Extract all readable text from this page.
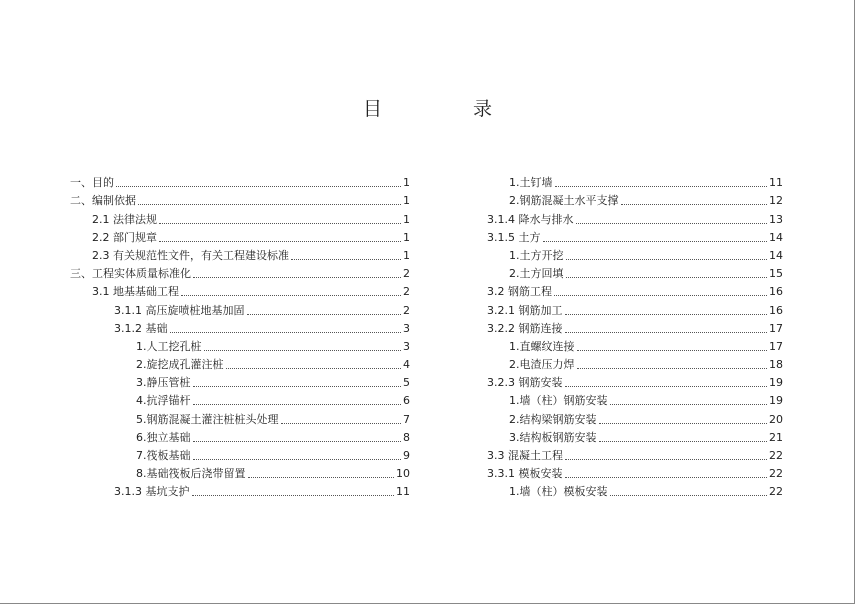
目　录
一、目的	1
二、编制依据	1
2.1 法律法规	1
2.2 部门规章	1
2.3 有关规范性文件，有关工程建设标准	1
三、工程实体质量标准化	2
3.1 地基基础工程	2
3.1.1 高压旋喷桩地基加固	2
3.1.2 基础	3
1.人工挖孔桩	3
2.旋挖成孔灌注桩	4
3.静压管桩	5
4.抗浮锚杆	6
5.钢筋混凝土灌注桩桩头处理	7
6.独立基础	8
7.筏板基础	9
8.基础筏板后浇带留置	10
3.1.3 基坑支护	11
1.土钉墙	11
2.钢筋混凝土水平支撑	12
3.1.4 降水与排水	13
3.1.5 土方	14
1.土方开挖	14
2.土方回填	15
3.2 钢筋工程	16
3.2.1 钢筋加工	16
3.2.2 钢筋连接	17
1.直螺纹连接	17
2.电渣压力焊	18
3.2.3 钢筋安装	19
1.墙（柱）钢筋安装	19
2.结构梁钢筋安装	20
3.结构板钢筋安装	21
3.3 混凝土工程	22
3.3.1 模板安装	22
1.墙（柱）模板安装	22
